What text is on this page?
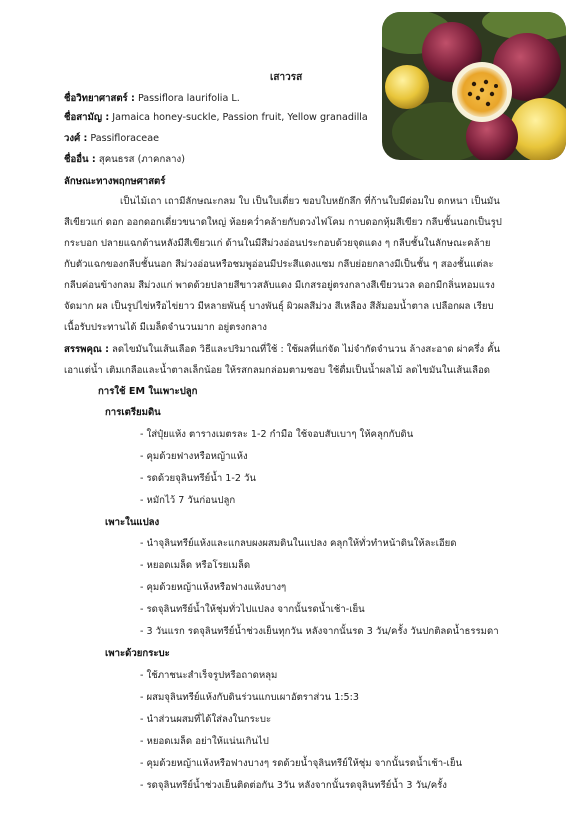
เสาวรส
ชื่อวิทยาศาสตร์ : Passiflora laurifolia L.
ชื่อสามัญ : Jamaica honey-suckle, Passion fruit, Yellow granadilla
วงศ์ : Passifloraceae
ชื่ออื่น : สุคนธรส (ภาคกลาง)
ลักษณะทางพฤกษศาสตร์
เป็นไม้เถา เถามีลักษณะกลม ใบ เป็นใบเดี่ยว ขอบใบหยักลึก ที่ก้านใบมีต่อมใบ ดกหนา เป็นมัน
สีเขียวแก่ ดอก ออกดอกเดี่ยวขนาดใหญ่ ห้อยคว่ำคล้ายกับดวงไฟโคม กาบดอกหุ้มสีเขียว กลีบชั้นนอกเป็นรูป
กระบอก ปลายแฉกด้านหลังมีสีเขียวแก่ ด้านในมีสีม่วงอ่อนประกอบด้วยจุดแดง ๆ กลีบชั้นในลักษณะคล้าย
กับตัวแฉกของกลีบชั้นนอก สีม่วงอ่อนหรือชมพูอ่อนมีประสีแดงแซม กลีบย่อยกลางมีเป็นชั้น ๆ สองชั้นแต่ละ
กลีบค่อนข้างกลม สีม่วงแก่ พาดด้วยปลายสีขาวสลับแดง มีเกสรอยู่ตรงกลางสีเขียวนวล ดอกมีกลิ่นหอมแรง
จัดมาก ผล เป็นรูปไข่หรือไข่ยาว มีหลายพันธุ์ บางพันธุ์ ผิวผลสีม่วง สีเหลือง สีส้มอมน้ำตาล เปลือกผล เรียบ
เนื้อรับประทานได้ มีเมล็ดจำนวนมาก อยู่ตรงกลาง
สรรพคุณ : ลดไขมันในเส้นเลือด วิธีและปริมาณที่ใช้ : ใช้ผลที่แก่จัด ไม่จำกัดจำนวน ล้างสะอาด ผ่าครึ่ง คั้น
เอาแต่น้ำ เติมเกลือและน้ำตาลเล็กน้อย ให้รสกลมกล่อมตามชอบ ใช้ดื่มเป็นน้ำผลไม้ ลดไขมันในเส้นเลือด
การใช้ EM ในเพาะปลูก
การเตรียมดิน
- ใส่ปุ๋ยแห้ง ตารางเมตรละ 1-2 กำมือ ใช้จอบสับเบาๆ ให้คลุกกับดิน
- คุมด้วยฟางหรือหญ้าแห้ง
- รดด้วยจุลินทรีย์น้ำ 1-2 วัน
- หมักไว้ 7 วันก่อนปลูก
เพาะในแปลง
- นำจุลินทรีย์แห้งและแกลบผงผสมดินในแปลง คลุกให้ทั่วทำหน้าดินให้ละเอียด
- หยอดเมล็ด หรือโรยเมล็ด
- คุมด้วยหญ้าแห้งหรือฟางแห้งบางๆ
- รดจุลินทรีย์น้ำให้ชุ่มทั่วไปแปลง จากนั้นรดน้ำเช้า-เย็น
- 3 วันแรก รดจุลินทรีย์น้ำช่วงเย็นทุกวัน หลังจากนั้นรด 3 วัน/ครั้ง วันปกติลดน้ำธรรมดา
เพาะด้วยกระบะ
- ใช้ภาชนะสำเร็จรูปหรือถาดหลุม
- ผสมจุลินทรีย์แห้งกับดินร่วนแกบเผาอัตราส่วน 1:5:3
- นำส่วนผสมที่ได้ใส่ลงในกระบะ
- หยอดเมล็ด อย่าให้แน่นเกินไป
- คุมด้วยหญ้าแห้งหรือฟางบางๆ รดด้วยน้ำจุลินทรีย์ให้ชุ่ม จากนั้นรดน้ำเช้า-เย็น
- รดจุลินทรีย์น้ำช่วงเย็นติดต่อกัน 3วัน หลังจากนั้นรดจุลินทรีย์น้ำ 3 วัน/ครั้ง
